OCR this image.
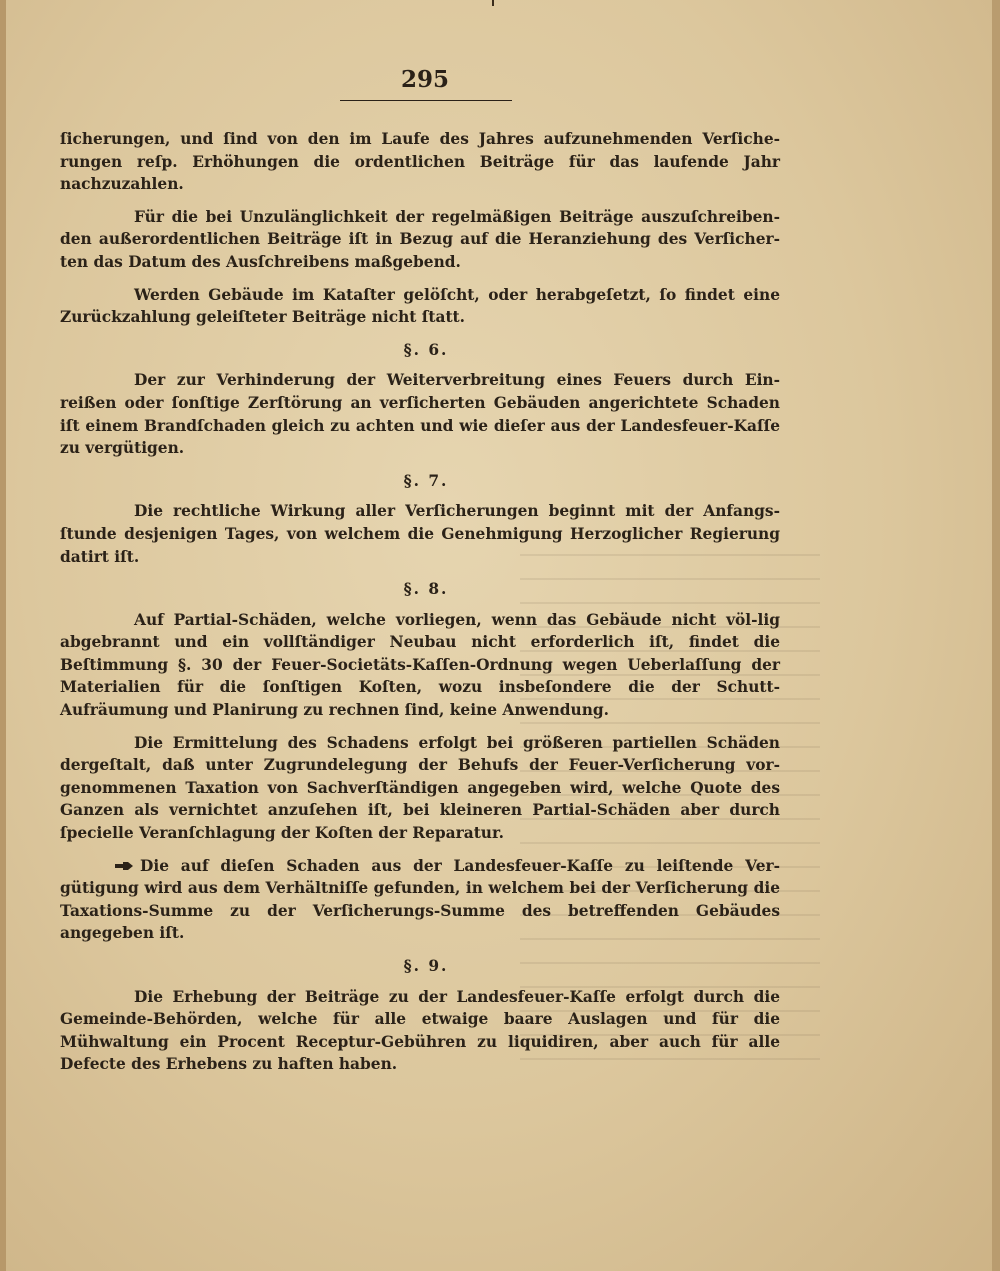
295

ſicherungen, und ſind von den im Laufe des Jahres aufzunehmenden Verſiche-rungen reſp. Erhöhungen die ordentlichen Beiträge für das laufende Jahr nachzuzahlen.

Für die bei Unzulänglichkeit der regelmäßigen Beiträge auszuſchreiben-den außerordentlichen Beiträge iſt in Bezug auf die Heranziehung des Verſicher-ten das Datum des Ausſchreibens maßgebend.

Werden Gebäude im Kataſter gelöſcht, oder herabgeſetzt, ſo findet eine Zurückzahlung geleiſteter Beiträge nicht ſtatt.

§. 6.

Der zur Verhinderung der Weiterverbreitung eines Feuers durch Ein-reißen oder ſonſtige Zerſtörung an verſicherten Gebäuden angerichtete Schaden iſt einem Brandſchaden gleich zu achten und wie dieſer aus der Landesfeuer-Kaſſe zu vergütigen.

§. 7.

Die rechtliche Wirkung aller Verſicherungen beginnt mit der Anfangs-ſtunde desjenigen Tages, von welchem die Genehmigung Herzoglicher Regierung datirt iſt.

§. 8.

Auf Partial-Schäden, welche vorliegen, wenn das Gebäude nicht völ-lig abgebrannt und ein vollſtändiger Neubau nicht erforderlich iſt, findet die Beſtimmung §. 30 der Feuer-Societäts-Kaſſen-Ordnung wegen Ueberlaſſung der Materialien für die ſonſtigen Koſten, wozu insbeſondere die der Schutt-Aufräumung und Planirung zu rechnen ſind, keine Anwendung.

Die Ermittelung des Schadens erfolgt bei größeren partiellen Schäden dergeſtalt, daß unter Zugrundelegung der Behufs der Feuer-Verſicherung vor-genommenen Taxation von Sachverſtändigen angegeben wird, welche Quote des Ganzen als vernichtet anzuſehen iſt, bei kleineren Partial-Schäden aber durch ſpecielle Veranſchlagung der Koſten der Reparatur.

Die auf dieſen Schaden aus der Landesfeuer-Kaſſe zu leiſtende Ver-gütigung wird aus dem Verhältniſſe gefunden, in welchem bei der Verſicherung die Taxations-Summe zu der Verſicherungs-Summe des betreffenden Gebäudes angegeben iſt.

§. 9.

Die Erhebung der Beiträge zu der Landesfeuer-Kaſſe erfolgt durch die Gemeinde-Behörden, welche für alle etwaige baare Auslagen und für die Mühwaltung ein Procent Receptur-Gebühren zu liquidiren, aber auch für alle Defecte des Erhebens zu haften haben.
